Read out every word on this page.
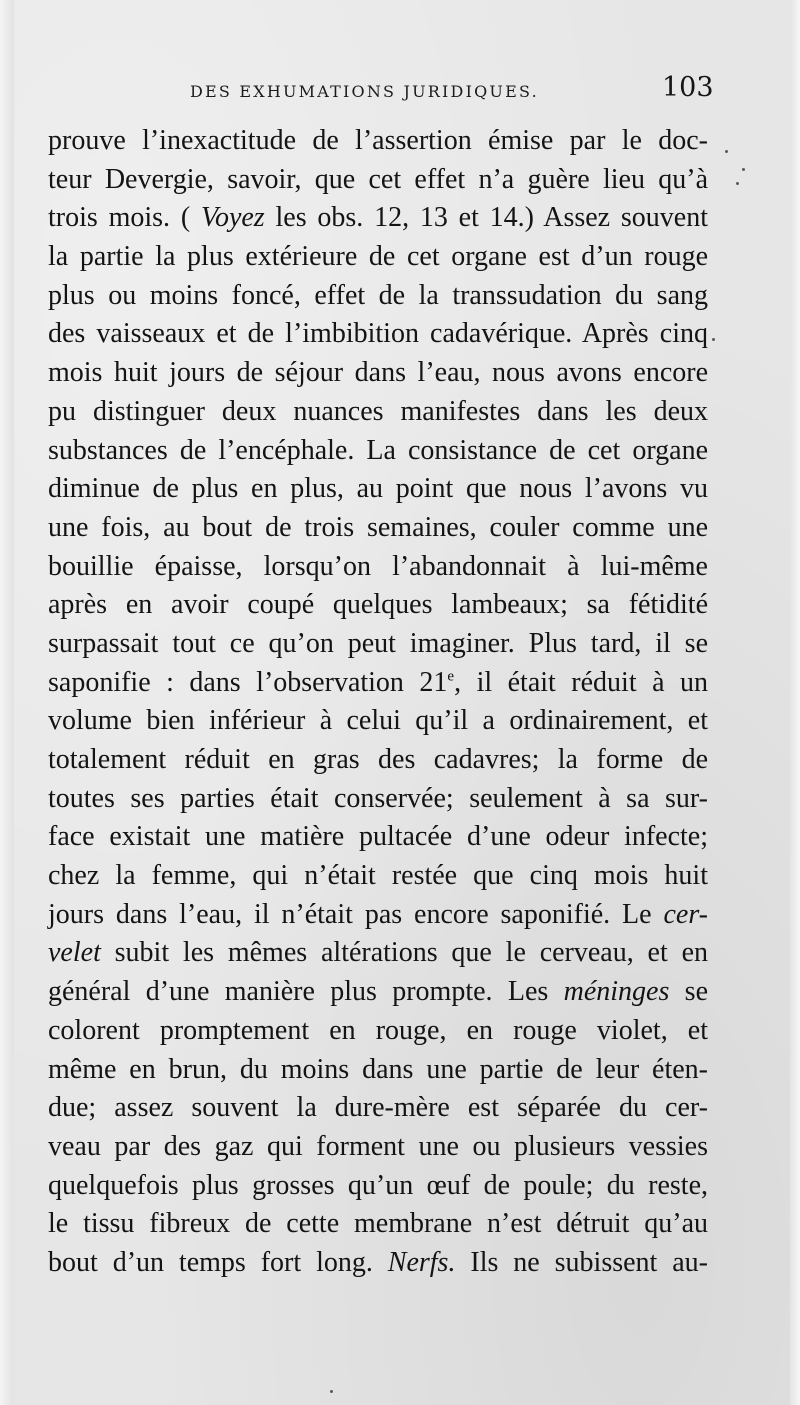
DES EXHUMATIONS JURIDIQUES.	103
prouve l’inexactitude de l’assertion émise par le doc-
teur Devergie, savoir, que cet effet n’a guère lieu qu’à
trois mois. ( Voyez les obs. 12, 13 et 14.) Assez souvent
la partie la plus extérieure de cet organe est d’un rouge
plus ou moins foncé, effet de la transsudation du sang
des vaisseaux et de l’imbibition cadavérique. Après cinq
mois huit jours de séjour dans l’eau, nous avons encore
pu distinguer deux nuances manifestes dans les deux
substances de l’encéphale. La consistance de cet organe
diminue de plus en plus, au point que nous l’avons vu
une fois, au bout de trois semaines, couler comme une
bouillie épaisse, lorsqu’on l’abandonnait à lui-même
après en avoir coupé quelques lambeaux; sa fétidité
surpassait tout ce qu’on peut imaginer. Plus tard, il se
saponifie : dans l’observation 21e, il était réduit à un
volume bien inférieur à celui qu’il a ordinairement, et
totalement réduit en gras des cadavres; la forme de
toutes ses parties était conservée; seulement à sa sur-
face existait une matière pultacée d’une odeur infecte;
chez la femme, qui n’était restée que cinq mois huit
jours dans l’eau, il n’était pas encore saponifié. Le cer-
velet subit les mêmes altérations que le cerveau, et en
général d’une manière plus prompte. Les méninges se
colorent promptement en rouge, en rouge violet, et
même en brun, du moins dans une partie de leur éten-
due; assez souvent la dure-mère est séparée du cer-
veau par des gaz qui forment une ou plusieurs vessies
quelquefois plus grosses qu’un œuf de poule; du reste,
le tissu fibreux de cette membrane n’est détruit qu’au
bout d’un temps fort long. Nerfs. Ils ne subissent au-
